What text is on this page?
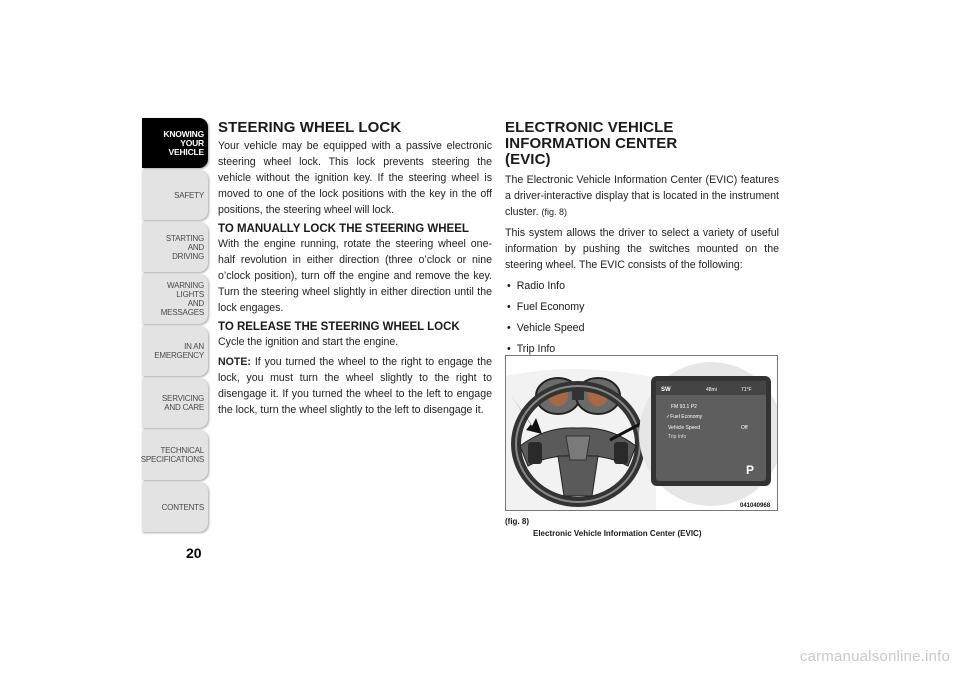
KNOWING
YOUR
VEHICLE
SAFETY
STARTING
AND
DRIVING
WARNING
LIGHTS
AND
MESSAGES
IN AN
EMERGENCY
SERVICING
AND CARE
TECHNICAL
SPECIFICATIONS
CONTENTS
20
STEERING WHEEL LOCK

Your vehicle may be equipped with a passive electronic steering wheel lock. This lock prevents steering the vehicle without the ignition key. If the steering wheel is moved to one of the lock positions with the key in the off positions, the steering wheel will lock.

TO MANUALLY LOCK THE STEERING WHEEL

With the engine running, rotate the steering wheel one-half revolution in either direction (three o’clock or nine o’clock position), turn off the engine and remove the key. Turn the steering wheel slightly in either direction until the lock engages.

TO RELEASE THE STEERING WHEEL LOCK

Cycle the ignition and start the engine.

NOTE: If you turned the wheel to the right to engage the lock, you must turn the wheel slightly to the right to disengage it. If you turned the wheel to the left to engage the lock, turn the wheel slightly to the left to disengage it.

ELECTRONIC VEHICLE INFORMATION CENTER (EVIC)

The Electronic Vehicle Information Center (EVIC) features a driver-interactive display that is located in the instrument cluster. (fig. 8)

This system allows the driver to select a variety of useful information by pushing the switches mounted on the steering wheel. The EVIC consists of the following:

• Radio Info
• Fuel Economy
• Vehicle Speed
• Trip Info
SW	48mi	71°F
FM 93.1 P2
✓Fuel Economy
Vehicle Speed	Off
Trip Info
P
041040968
(fig. 8)
Electronic Vehicle Information Center (EVIC)
carmanualsonline.info
